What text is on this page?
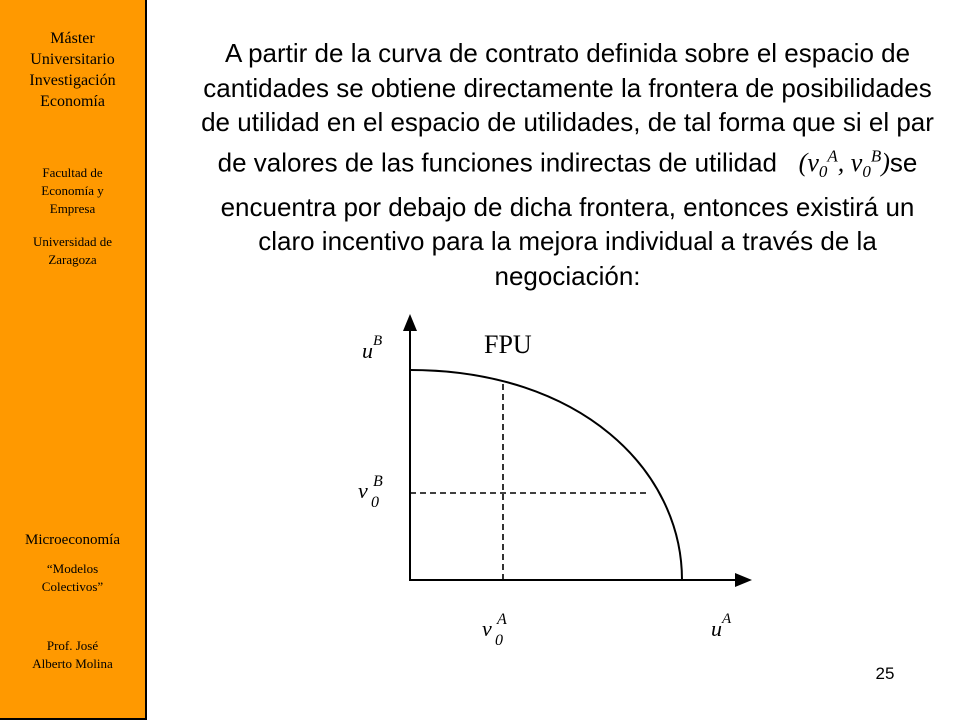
Máster
Universitario
Investigación
Economía
Facultad de
Economía y
Empresa
Universidad de
Zaragoza
Microeconomía
“Modelos
Colectivos”
Prof. José
Alberto Molina

A partir de la curva de contrato definida sobre el espacio de cantidades se obtiene directamente la frontera de posibilidades de utilidad en el espacio de utilidades, de tal forma que si el par de valores de las funciones indirectas de utilidad ($v_0^A$, $v_0^B)se$ encuentra por debajo de dicha frontera, entonces existirá un claro incentivo para la mejora individual a través de la negociación:

FPU
$u^B$
$u^A$
v B
0
v A
0
25
